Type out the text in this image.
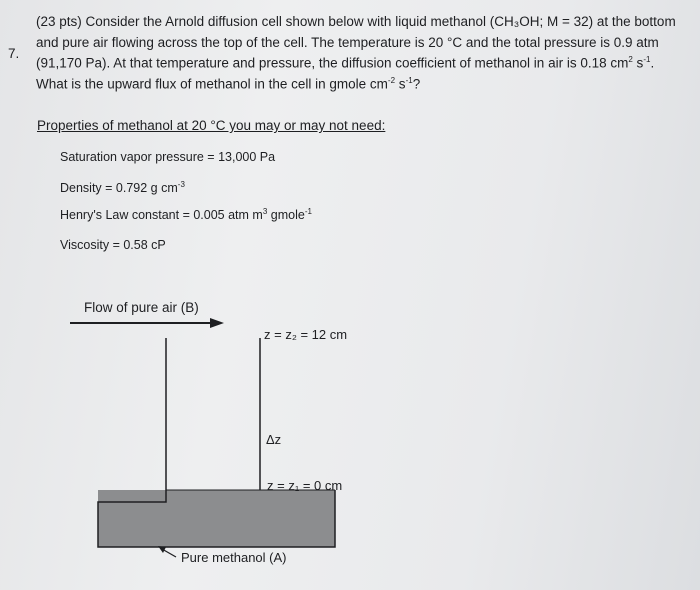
7.
(23 pts) Consider the Arnold diffusion cell shown below with liquid methanol (CH₃OH; M = 32) at the bottom
and pure air flowing across the top of the cell. The temperature is 20 °C and the total pressure is 0.9 atm
(91,170 Pa). At that temperature and pressure, the diffusion coefficient of methanol in air is 0.18 $cm^2$ $s^{-1}$.
What is the upward flux of methanol in the cell in gmole $cm^{-2}$ $s^{-1}$?
Properties of methanol at 20 °C you may or may not need:
Saturation vapor pressure = 13,000 Pa
Density = 0.792 g $cm^{-3}$
Henry's Law constant = 0.005 atm $m^3$ gmole$^{-1}$
Viscosity = 0.58 cP
Flow of pure air (B)
z = z₂ = 12 cm
Δz
z = z₁ = 0 cm
Pure methanol (A)
